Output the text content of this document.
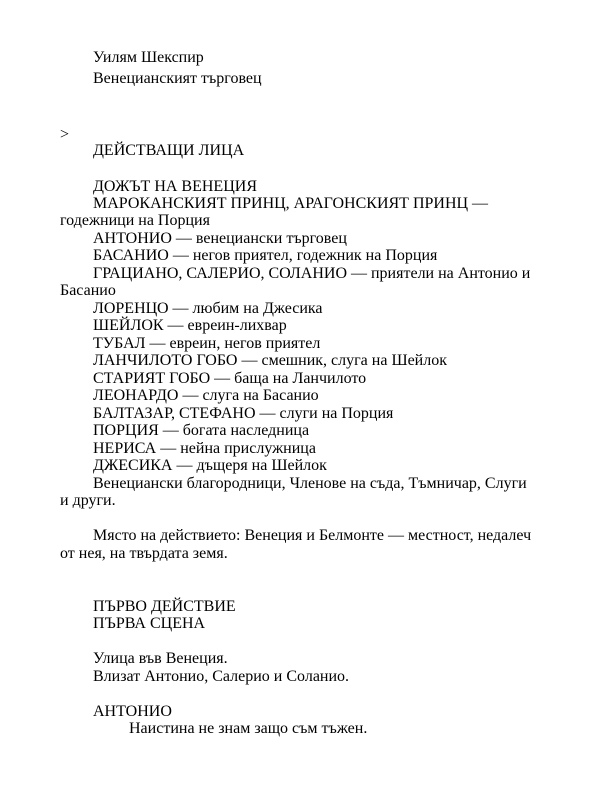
Уилям Шекспир
Венецианският търговец
>
ДЕЙСТВАЩИ ЛИЦА
ДОЖЪТ НА ВЕНЕЦИЯ
МАРОКАНСКИЯТ ПРИНЦ, АРАГОНСКИЯТ ПРИНЦ —
годежници на Порция
АНТОНИО — венециански търговец
БАСАНИО — негов приятел, годежник на Порция
ГРАЦИАНО, САЛЕРИО, СОЛАНИО — приятели на Антонио и
Басанио
ЛОРЕНЦО — любим на Джесика
ШЕЙЛОК — евреин-лихвар
ТУБАЛ — евреин, негов приятел
ЛАНЧИЛОТО ГОБО — смешник, слуга на Шейлок
СТАРИЯТ ГОБО — баща на Ланчилото
ЛЕОНАРДО — слуга на Басанио
БАЛТАЗАР, СТЕФАНО — слуги на Порция
ПОРЦИЯ — богата наследница
НЕРИСА — нейна прислужница
ДЖЕСИКА — дъщеря на Шейлок
Венециански благородници, Членове на съда, Тъмничар, Слуги
и други.
Място на действието: Венеция и Белмонте — местност, недалеч
от нея, на твърдата земя.
ПЪРВО ДЕЙСТВИЕ
ПЪРВА СЦЕНА
Улица във Венеция.
Влизат Антонио, Салерио и Соланио.
АНТОНИО
Наистина не знам защо съм тъжен.
